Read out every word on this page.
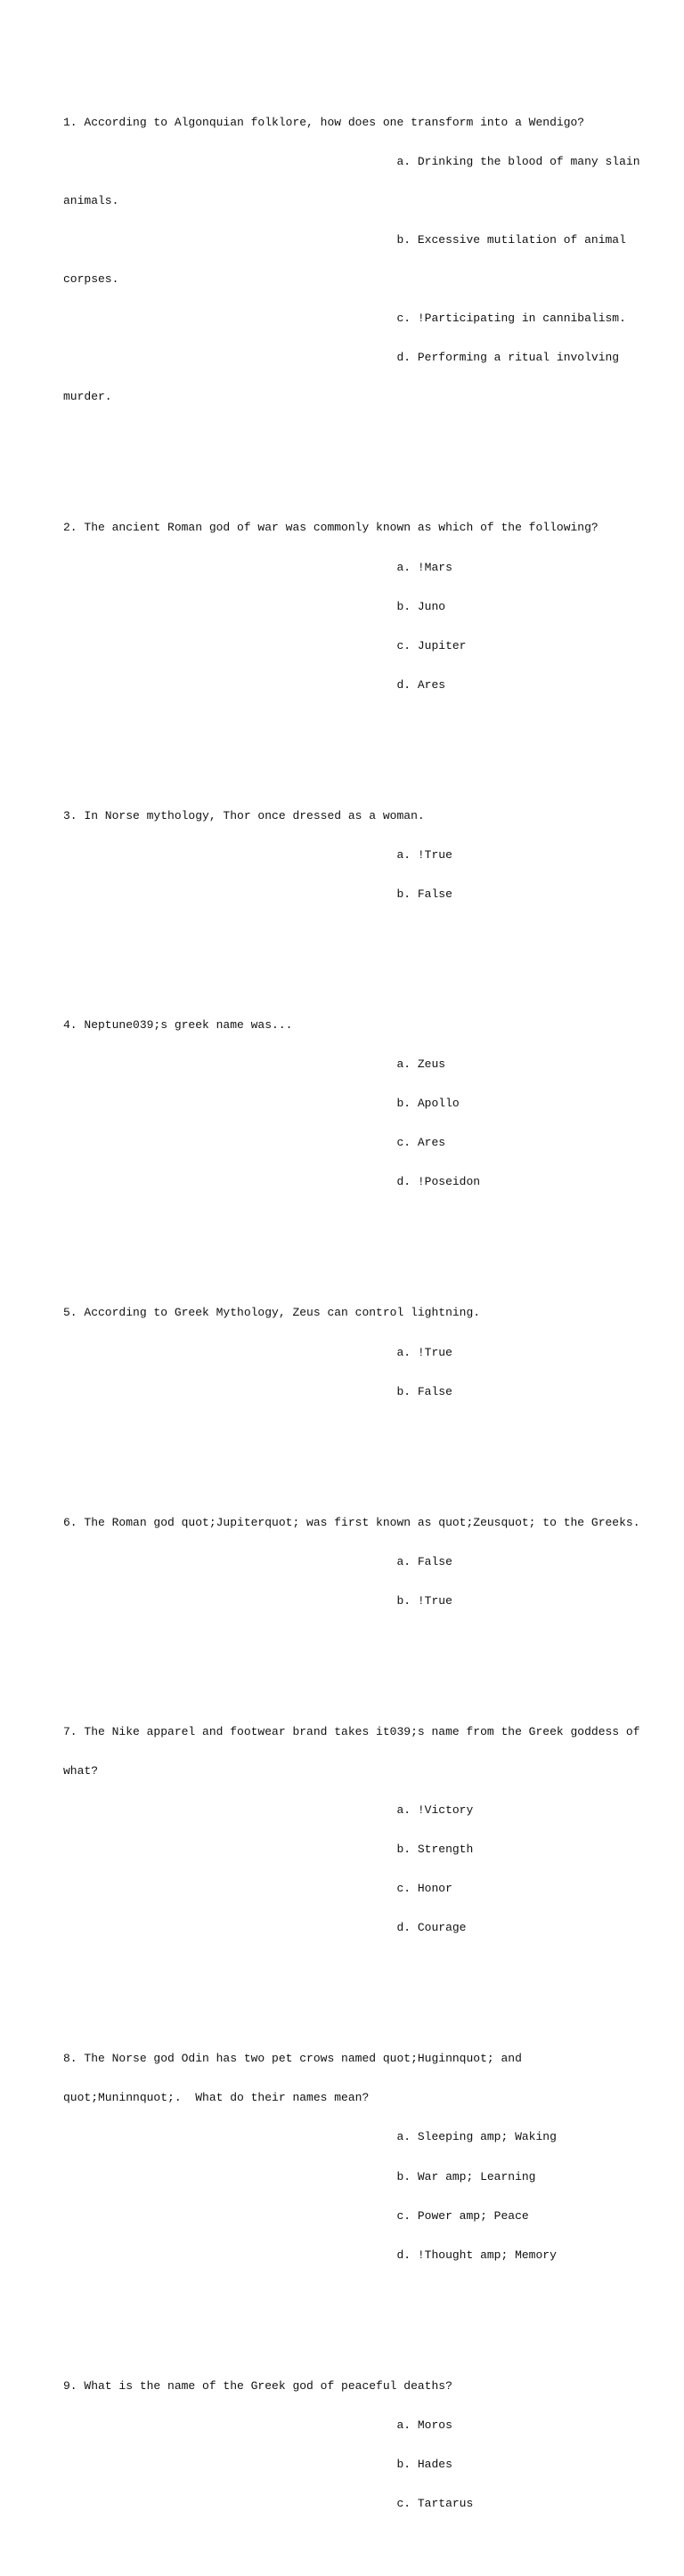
1. According to Algonquian folklore, how does one transform into a Wendigo?

a. Drinking the blood of many slain

animals.

b. Excessive mutilation of animal

corpses.

c. !Participating in cannibalism.

d. Performing a ritual involving

murder.

2. The ancient Roman god of war was commonly known as which of the following?

a. !Mars

b. Juno

c. Jupiter

d. Ares

3. In Norse mythology, Thor once dressed as a woman.

a. !True

b. False

4. Neptune039;s greek name was...

a. Zeus

b. Apollo

c. Ares

d. !Poseidon

5. According to Greek Mythology, Zeus can control lightning.

a. !True

b. False

6. The Roman god quot;Jupiterquot; was first known as quot;Zeusquot; to the Greeks.

a. False

b. !True

7. The Nike apparel and footwear brand takes it039;s name from the Greek goddess of

what?

a. !Victory

b. Strength

c. Honor

d. Courage

8. The Norse god Odin has two pet crows named quot;Huginnquot; and

quot;Muninnquot;.  What do their names mean?

a. Sleeping amp; Waking

b. War amp; Learning

c. Power amp; Peace

d. !Thought amp; Memory

9. What is the name of the Greek god of peaceful deaths?

a. Moros

b. Hades

c. Tartarus
